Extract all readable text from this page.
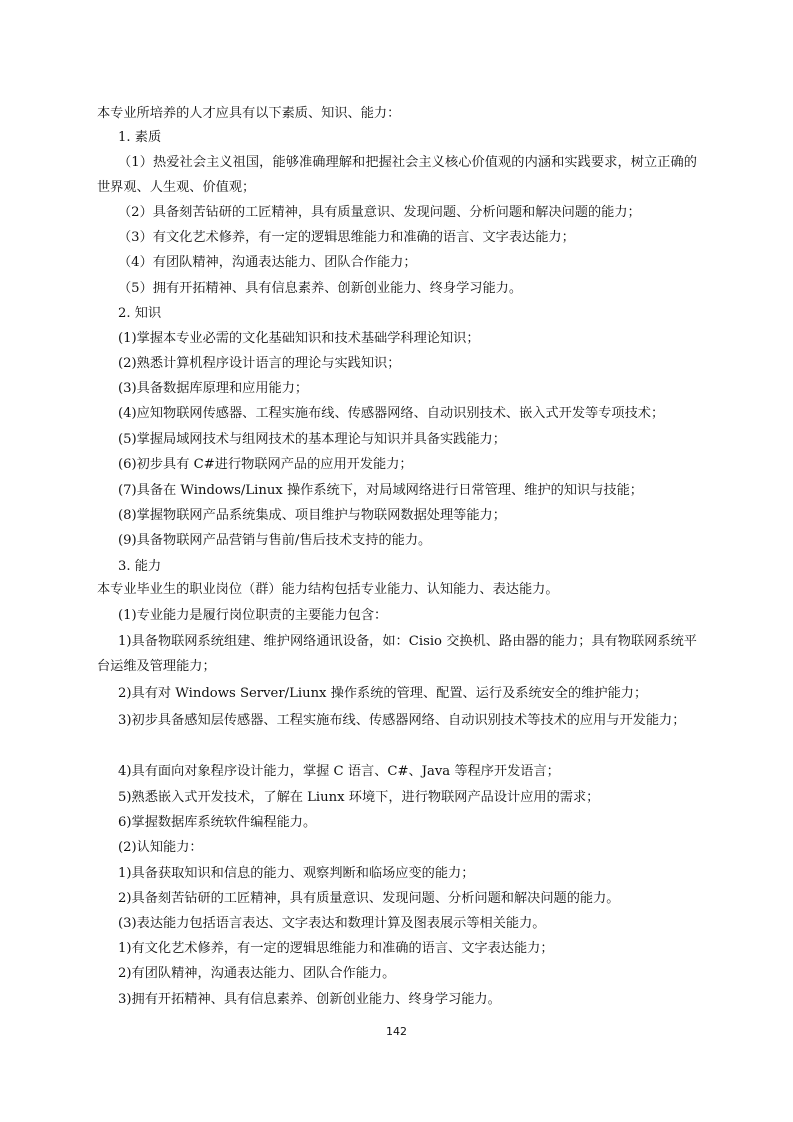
本专业所培养的人才应具有以下素质、知识、能力：
1. 素质
（1）热爱社会主义祖国，能够准确理解和把握社会主义核心价值观的内涵和实践要求，树立正确的世界观、人生观、价值观；
（2）具备刻苦钻研的工匠精神，具有质量意识、发现问题、分析问题和解决问题的能力；
（3）有文化艺术修养，有一定的逻辑思维能力和准确的语言、文字表达能力；
（4）有团队精神，沟通表达能力、团队合作能力；
（5）拥有开拓精神、具有信息素养、创新创业能力、终身学习能力。
2. 知识
(1)掌握本专业必需的文化基础知识和技术基础学科理论知识；
(2)熟悉计算机程序设计语言的理论与实践知识；
(3)具备数据库原理和应用能力；
(4)应知物联网传感器、工程实施布线、传感器网络、自动识别技术、嵌入式开发等专项技术；
(5)掌握局域网技术与组网技术的基本理论与知识并具备实践能力；
(6)初步具有 C#进行物联网产品的应用开发能力；
(7)具备在 Windows/Linux 操作系统下，对局域网络进行日常管理、维护的知识与技能；
(8)掌握物联网产品系统集成、项目维护与物联网数据处理等能力；
(9)具备物联网产品营销与售前/售后技术支持的能力。
3. 能力
本专业毕业生的职业岗位（群）能力结构包括专业能力、认知能力、表达能力。
(1)专业能力是履行岗位职责的主要能力包含：
1)具备物联网系统组建、维护网络通讯设备，如：Cisio 交换机、路由器的能力；具有物联网系统平台运维及管理能力；
2)具有对 Windows Server/Liunx 操作系统的管理、配置、运行及系统安全的维护能力；
3)初步具备感知层传感器、工程实施布线、传感器网络、自动识别技术等技术的应用与开发能力；
4)具有面向对象程序设计能力，掌握 C 语言、C#、Java 等程序开发语言；
5)熟悉嵌入式开发技术，了解在 Liunx 环境下，进行物联网产品设计应用的需求；
6)掌握数据库系统软件编程能力。
(2)认知能力：
1)具备获取知识和信息的能力、观察判断和临场应变的能力；
2)具备刻苦钻研的工匠精神，具有质量意识、发现问题、分析问题和解决问题的能力。
(3)表达能力包括语言表达、文字表达和数理计算及图表展示等相关能力。
1)有文化艺术修养，有一定的逻辑思维能力和准确的语言、文字表达能力；
2)有团队精神，沟通表达能力、团队合作能力。
3)拥有开拓精神、具有信息素养、创新创业能力、终身学习能力。
142
